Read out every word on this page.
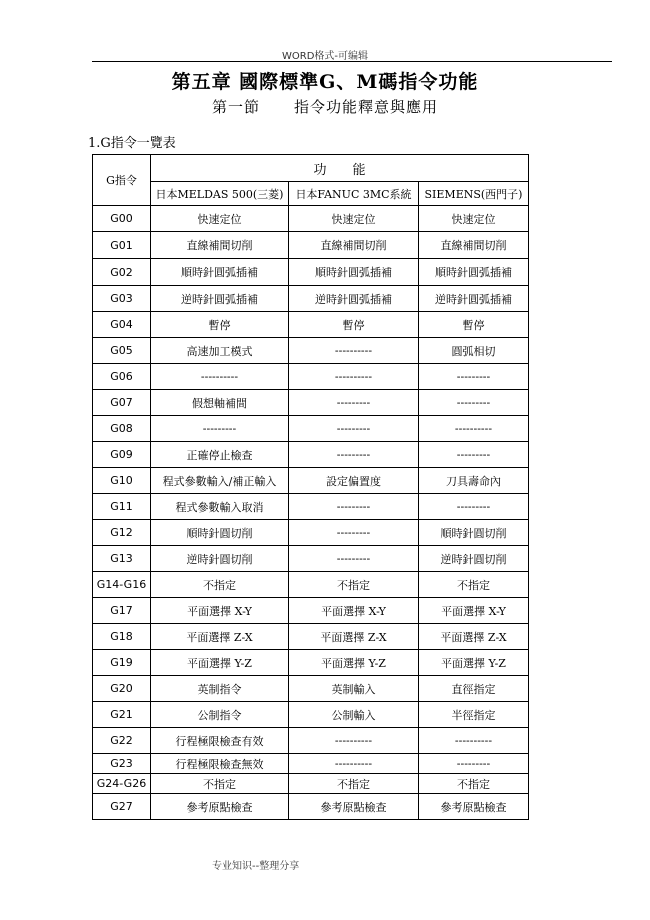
WORD格式-可编辑
第五章 國際標準G、M碼指令功能
第一節 指令功能釋意與應用
1.G指令一覽表
G指令	功　　能		
	日本MELDAS 500(三菱)	日本FANUC 3MC系統	SIEMENS(西門子)
G00	快速定位	快速定位	快速定位
G01	直線補間切削	直線補間切削	直線補間切削
G02	順時針圓弧插補	順時針圓弧插補	順時針圓弧插補
G03	逆時針圓弧插補	逆時針圓弧插補	逆時針圓弧插補
G04	暫停	暫停	暫停
G05	高速加工模式	----------	圓弧相切
G06	----------	----------	---------
G07	假想軸補間	---------	---------
G08	---------	---------	----------
G09	正確停止檢查	---------	---------
G10	程式參數輸入/補正輸入	設定偏置度	刀具壽命內
G11	程式參數輸入取消	---------	---------
G12	順時針圓切削	---------	順時針圓切削
G13	逆時針圓切削	---------	逆時針圓切削
G14-G16	不指定	不指定	不指定
G17	平面選擇 X-Y	平面選擇 X-Y	平面選擇 X-Y
G18	平面選擇 Z-X	平面選擇 Z-X	平面選擇 Z-X
G19	平面選擇 Y-Z	平面選擇 Y-Z	平面選擇 Y-Z
G20	英制指令	英制輸入	直徑指定
G21	公制指令	公制輸入	半徑指定
G22	行程極限檢查有效	----------	----------
G23	行程極限檢查無效	----------	---------
G24-G26	不指定	不指定	不指定
G27	參考原點檢查	參考原點檢查	參考原點檢查
专业知识--整理分享
